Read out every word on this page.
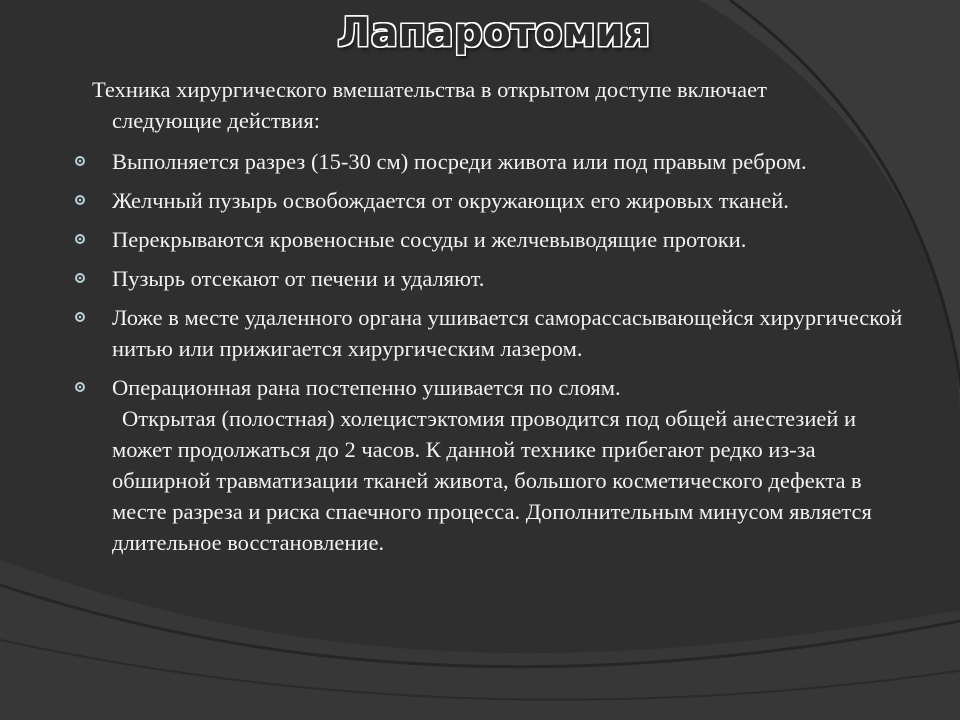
Лапаротомия

Техника хирургического вмешательства в открытом доступе включает
следующие действия:

Выполняется разрез (15-30 см) посреди живота или под правым ребром.
Желчный пузырь освобождается от окружающих его жировых тканей.
Перекрываются кровеносные сосуды и желчевыводящие протоки.
Пузырь отсекают от печени и удаляют.
Ложе в месте удаленного органа ушивается саморассасывающейся хирургической нитью или прижигается хирургическим лазером.
Операционная рана постепенно ушивается по слоям.
Открытая (полостная) холецистэктомия проводится под общей анестезией и может продолжаться до 2 часов. К данной технике прибегают редко из-за обширной травматизации тканей живота, большого косметического дефекта в месте разреза и риска спаечного процесса. Дополнительным минусом является длительное восстановление.
